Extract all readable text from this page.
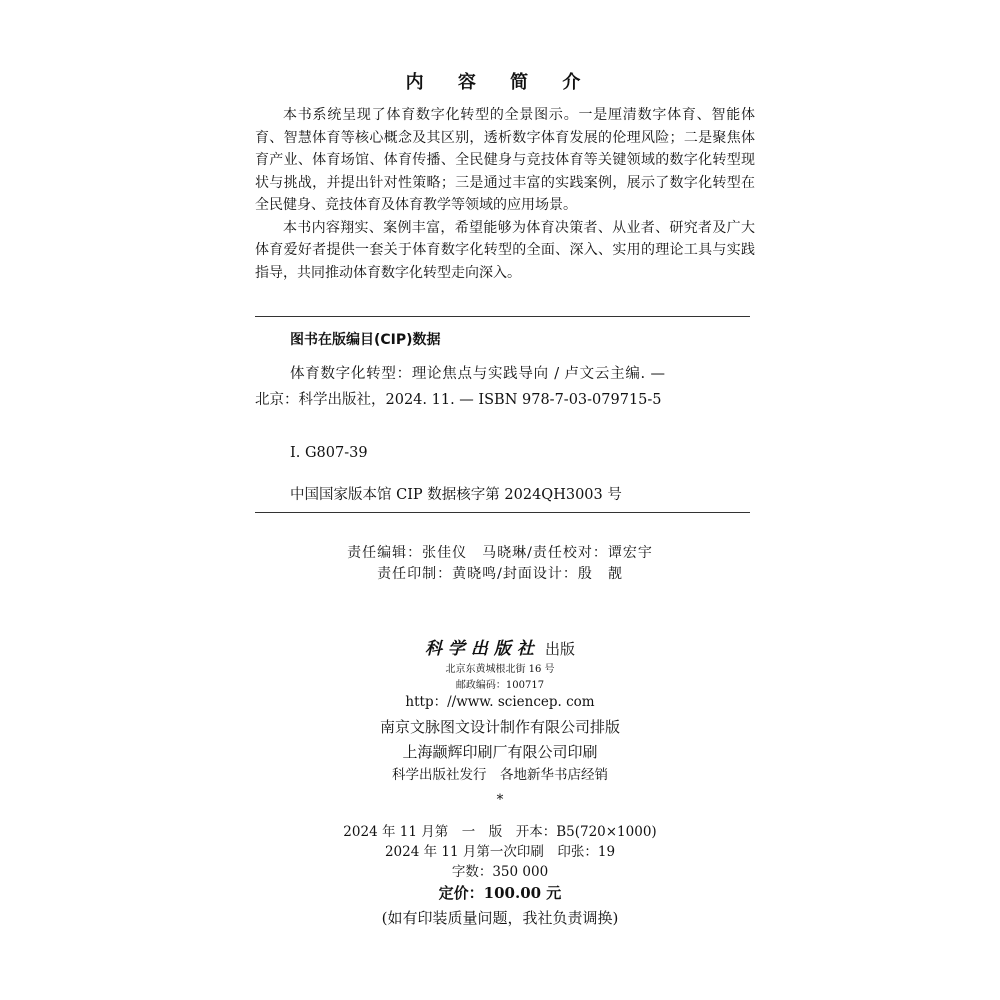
内 容 简 介

本书系统呈现了体育数字化转型的全景图示。一是厘清数字体育、智能体育、智慧体育等核心概念及其区别，透析数字体育发展的伦理风险；二是聚焦体育产业、体育场馆、体育传播、全民健身与竞技体育等关键领域的数字化转型现状与挑战，并提出针对性策略；三是通过丰富的实践案例，展示了数字化转型在全民健身、竞技体育及体育教学等领域的应用场景。

本书内容翔实、案例丰富，希望能够为体育决策者、从业者、研究者及广大体育爱好者提供一套关于体育数字化转型的全面、深入、实用的理论工具与实践指导，共同推动体育数字化转型走向深入。

图书在版编目(CIP)数据
体育数字化转型：理论焦点与实践导向 / 卢文云主编. — 北京：科学出版社，2024. 11. — ISBN 978-7-03-079715-5
Ⅰ. G807-39
中国国家版本馆 CIP 数据核字第 2024QH3003 号
责任编辑：张佳仪　马晓琳/责任校对：谭宏宇
责任印制：黄晓鸣/封面设计：殷　靓
科学出版社 出版
北京东黄城根北街 16 号
邮政编码：100717
http：//www. sciencep. com
南京文脉图文设计制作有限公司排版
上海颛辉印刷厂有限公司印刷
科学出版社发行　各地新华书店经销
*
2024 年 11 月第　一　版　开本：B5(720×1000)
2024 年 11 月第一次印刷　印张：19
字数：350 000
定价：100.00 元
(如有印装质量问题，我社负责调换)
